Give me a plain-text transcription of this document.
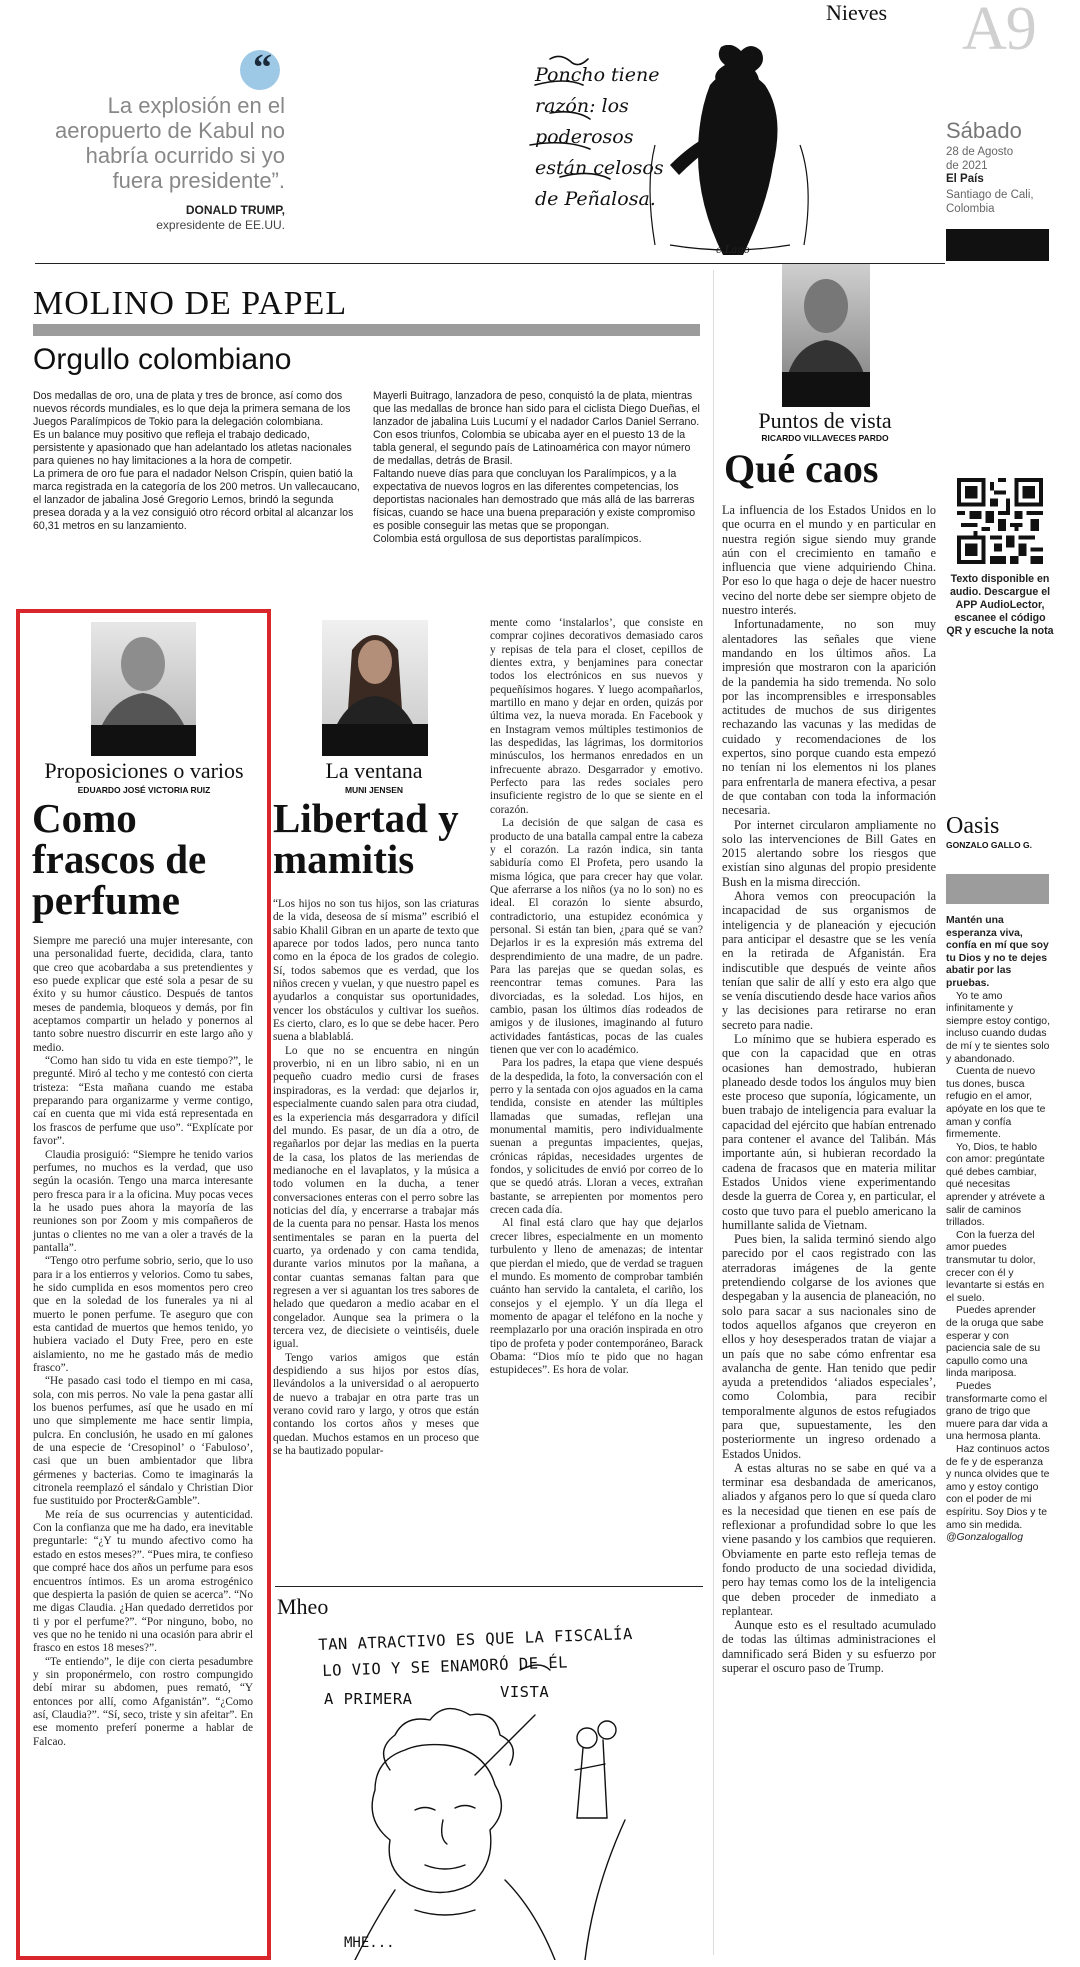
Nieves A9
Sábado
28 de Agosto de 2021
El País
Santiago de Cali, Colombia
“
La explosión en el aeropuerto de Kabul no habría ocurrido si yo fuera presidente”.
DONALD TRUMP,
expresidente de EE.UU.
Poncho tiene razón: los poderosos están celosos de Peñalosa.
c.Lago
MOLINO DE PAPEL
Orgullo colombiano

Dos medallas de oro, una de plata y tres de bronce, así como dos nuevos récords mundiales, es lo que deja la primera semana de los Juegos Paralímpicos de Tokio para la delegación colombiana.

Es un balance muy positivo que refleja el trabajo dedicado, persistente y apasionado que han adelantado los atletas nacionales para quienes no hay limitaciones a la hora de competir.

La primera de oro fue para el nadador Nelson Crispín, quien batió la marca registrada en la categoría de los 200 metros. Un vallecaucano, el lanzador de jabalina José Gregorio Lemos, brindó la segunda presea dorada y a la vez consiguió otro récord orbital al alcanzar los 60,31 metros en su lanzamiento.

Mayerli Buitrago, lanzadora de peso, conquistó la de plata, mientras que las medallas de bronce han sido para el ciclista Diego Dueñas, el lanzador de jabalina Luis Lucumí y el nadador Carlos Daniel Serrano.

Con esos triunfos, Colombia se ubicaba ayer en el puesto 13 de la tabla general, el segundo país de Latinoamérica con mayor número de medallas, detrás de Brasil.

Faltando nueve días para que concluyan los Paralímpicos, y a la expectativa de nuevos logros en las diferentes competencias, los deportistas nacionales han demostrado que más allá de las barreras físicas, cuando se hace una buena preparación y existe compromiso es posible conseguir las metas que se propongan.

Colombia está orgullosa de sus deportistas paralímpicos.

Puntos de vista
RICARDO VILLAVECES PARDO
Qué caos

La influencia de los Estados Unidos en lo que ocurra en el mundo y en particular en nuestra región sigue siendo muy grande aún con el crecimiento en tamaño e influencia que viene adquiriendo China. Por eso lo que haga o deje de hacer nuestro vecino del norte debe ser siempre objeto de nuestro interés.

Infortunadamente, no son muy alentadores las señales que viene mandando en los últimos años. La impresión que mostraron con la aparición de la pandemia ha sido tremenda. No solo por las incomprensibles e irresponsables actitudes de muchos de sus dirigentes rechazando las vacunas y las medidas de cuidado y recomendaciones de los expertos, sino porque cuando esta empezó no tenían ni los elementos ni los planes para enfrentarla de manera efectiva, a pesar de que contaban con toda la información necesaria.

Por internet circularon ampliamente no solo las intervenciones de Bill Gates en 2015 alertando sobre los riesgos que existían sino algunas del propio presidente Bush en la misma dirección.

Ahora vemos con preocupación la incapacidad de sus organismos de inteligencia y de planeación y ejecución para anticipar el desastre que se les venía en la retirada de Afganistán. Era indiscutible que después de veinte años tenían que salir de allí y esto era algo que se venía discutiendo desde hace varios años y las decisiones para retirarse no eran secreto para nadie.

Lo mínimo que se hubiera esperado es que con la capacidad que en otras ocasiones han demostrado, hubieran planeado desde todos los ángulos muy bien este proceso que suponía, lógicamente, un buen trabajo de inteligencia para evaluar la capacidad del ejército que habían entrenado para contener el avance del Talibán. Más importante aún, si hubieran recordado la cadena de fracasos que en materia militar Estados Unidos viene experimentando desde la guerra de Corea y, en particular, el costo que tuvo para el pueblo americano la humillante salida de Vietnam.

Pues bien, la salida terminó siendo algo parecido por el caos registrado con las aterradoras imágenes de la gente pretendiendo colgarse de los aviones que despegaban y la ausencia de planeación, no solo para sacar a sus nacionales sino de todos aquellos afganos que creyeron en ellos y hoy desesperados tratan de viajar a un país que no sabe cómo enfrentar esa avalancha de gente. Han tenido que pedir ayuda a pretendidos ‘aliados especiales’, como Colombia, para recibir temporalmente algunos de estos refugiados para que, supuestamente, les den posteriormente un ingreso ordenado a Estados Unidos.

A estas alturas no se sabe en qué va a terminar esa desbandada de americanos, aliados y afganos pero lo que sí queda claro es la necesidad que tienen en ese país de reflexionar a profundidad sobre lo que les viene pasando y los cambios que requieren. Obviamente en parte esto refleja temas de fondo producto de una sociedad dividida, pero hay temas como los de la inteligencia que deben proceder de inmediato a replantear.

Aunque esto es el resultado acumulado de todas las últimas administraciones el damnificado será Biden y su esfuerzo por superar el oscuro paso de Trump.

Texto disponible en audio. Descargue el APP AudioLector, escanee el código QR y escuche la nota
Oasis
GONZALO GALLO G.
Mantén una esperanza viva, confía en mí que soy tu Dios y no te dejes abatir por las pruebas.
Yo te amo infinitamente y siempre estoy contigo, incluso cuando dudas de mí y te sientes solo y abandonado.
Cuenta de nuevo tus dones, busca refugio en el amor, apóyate en los que te aman y confía firmemente.
Yo, Dios, te hablo con amor: pregúntate qué debes cambiar, qué necesitas aprender y atrévete a salir de caminos trillados.
Con la fuerza del amor puedes transmutar tu dolor, crecer con él y levantarte si estás en el suelo.
Puedes aprender de la oruga que sabe esperar y con paciencia sale de su capullo como una linda mariposa.
Puedes transformarte como el grano de trigo que muere para dar vida a una hermosa planta.
Haz continuos actos de fe y de esperanza y nunca olvides que te amo y estoy contigo con el poder de mi espíritu. Soy Dios y te amo sin medida.
@Gonzalogallog
Proposiciones o varios
EDUARDO JOSÉ VICTORIA RUIZ
Como frascos de perfume

Siempre me pareció una mujer interesante, con una personalidad fuerte, decidida, clara, tanto que creo que acobardaba a sus pretendientes y eso puede explicar que esté sola a pesar de su éxito y su humor cáustico. Después de tantos meses de pandemia, bloqueos y demás, por fin aceptamos compartir un helado y ponernos al tanto sobre nuestro discurrir en este largo año y medio.

“Como han sido tu vida en este tiempo?”, le pregunté. Miró al techo y me contestó con cierta tristeza: “Esta mañana cuando me estaba preparando para organizarme y verme contigo, caí en cuenta que mi vida está representada en los frascos de perfume que uso”. “Explícate por favor”.

Claudia prosiguió: “Siempre he tenido varios perfumes, no muchos es la verdad, que uso según la ocasión. Tengo una marca interesante pero fresca para ir a la oficina. Muy pocas veces la he usado pues ahora la mayoría de las reuniones son por Zoom y mis compañeros de juntas o clientes no me van a oler a través de la pantalla”.

“Tengo otro perfume sobrio, serio, que lo uso para ir a los entierros y velorios. Como tu sabes, he sido cumplida en esos momentos pero creo que en la soledad de los funerales ya ni al muerto le ponen perfume. Te aseguro que con esta cantidad de muertos que hemos tenido, yo hubiera vaciado el Duty Free, pero en este aislamiento, no me he gastado más de medio frasco”.

“He pasado casi todo el tiempo en mi casa, sola, con mis perros. No vale la pena gastar allí los buenos perfumes, así que he usado en mí uno que simplemente me hace sentir limpia, pulcra. En conclusión, he usado en mí galones de una especie de ‘Cresopinol’ o ‘Fabuloso’, casi que un buen ambientador que libra gérmenes y bacterias. Como te imaginarás la citronela reemplazó el sándalo y Christian Dior fue sustituido por Procter&Gamble”.

Me reía de sus ocurrencias y autenticidad. Con la confianza que me ha dado, era inevitable preguntarle: “¿Y tu mundo afectivo como ha estado en estos meses?”. “Pues mira, te confieso que compré hace dos años un perfume para esos encuentros íntimos. Es un aroma estrogénico que despierta la pasión de quien se acerca”. “No me digas Claudia. ¿Han quedado derretidos por ti y por el perfume?”. “Por ninguno, bobo, no ves que no he tenido ni una ocasión para abrir el frasco en estos 18 meses?”.

“Te entiendo”, le dije con cierta pesadumbre y sin proponérmelo, con rostro compungido debí mirar su abdomen, pues remató, “Y entonces por allí, como Afganistán”. “¿Como así, Claudia?”. “Sí, seco, triste y sin afeitar”. En ese momento preferí ponerme a hablar de Falcao.

La ventana
MUNI JENSEN
Libertad y mamitis

“Los hijos no son tus hijos, son las criaturas de la vida, deseosa de sí misma” escribió el sabio Khalil Gibran en un aparte de texto que aparece por todos lados, pero nunca tanto como en la época de los grados de colegio. Sí, todos sabemos que es verdad, que los niños crecen y vuelan, y que nuestro papel es ayudarlos a conquistar sus oportunidades, vencer los obstáculos y cultivar los sueños. Es cierto, claro, es lo que se debe hacer. Pero suena a blablablá.

Lo que no se encuentra en ningún proverbio, ni en un libro sabio, ni en un pequeño cuadro medio cursi de frases inspiradoras, es la verdad: que dejarlos ir, especialmente cuando salen para otra ciudad, es la experiencia más desgarradora y difícil del mundo. Es pasar, de un día a otro, de regañarlos por dejar las medias en la puerta de la casa, los platos de las meriendas de medianoche en el lavaplatos, y la música a todo volumen en la ducha, a tener conversaciones enteras con el perro sobre las noticias del día, y encerrarse a trabajar más de la cuenta para no pensar. Hasta los menos sentimentales se paran en la puerta del cuarto, ya ordenado y con cama tendida, durante varios minutos por la mañana, a contar cuantas semanas faltan para que regresen a ver si aguantan los tres sabores de helado que quedaron a medio acabar en el congelador. Aunque sea la primera o la tercera vez, de diecisiete o veintiséis, duele igual.

Tengo varios amigos que están despidiendo a sus hijos por estos días, llevándolos a la universidad o al aeropuerto de nuevo a trabajar en otra parte tras un verano covid raro y largo, y otros que están contando los cortos años y meses que quedan. Muchos estamos en un proceso que se ha bautizado popular-

mente como ‘instalarlos’, que consiste en comprar cojines decorativos demasiado caros y repisas de tela para el closet, cepillos de dientes extra, y benjamines para conectar todos los electrónicos en sus nuevos y pequeñísimos hogares. Y luego acompañarlos, martillo en mano y dejar en orden, quizás por última vez, la nueva morada. En Facebook y en Instagram vemos múltiples testimonios de las despedidas, las lágrimas, los dormitorios minúsculos, los hermanos enredados en un infrecuente abrazo. Desgarrador y emotivo. Perfecto para las redes sociales pero insuficiente registro de lo que se siente en el corazón.

La decisión de que salgan de casa es producto de una batalla campal entre la cabeza y el corazón. La razón indica, sin tanta sabiduría como El Profeta, pero usando la misma lógica, que para crecer hay que volar. Que aferrarse a los niños (ya no lo son) no es ideal. El corazón lo siente absurdo, contradictorio, una estupidez económica y personal. Si están tan bien, ¿para qué se van? Dejarlos ir es la expresión más extrema del desprendimiento de una madre, de un padre. Para las parejas que se quedan solas, es reencontrar temas comunes. Para las divorciadas, es la soledad. Los hijos, en cambio, pasan los últimos días rodeados de amigos y de ilusiones, imaginando al futuro actividades fantásticas, pocas de las cuales tienen que ver con lo académico.

Para los padres, la etapa que viene después de la despedida, la foto, la conversación con el perro y la sentada con ojos aguados en la cama tendida, consiste en atender las múltiples llamadas que sumadas, reflejan una monumental mamitis, pero individualmente suenan a preguntas impacientes, quejas, crónicas rápidas, necesidades urgentes de fondos, y solicitudes de envió por correo de lo que se quedó atrás. Lloran a veces, extrañan bastante, se arrepienten por momentos pero crecen cada día.

Al final está claro que hay que dejarlos crecer libres, especialmente en un momento turbulento y lleno de amenazas; de intentar que pierdan el miedo, que de verdad se traguen el mundo. Es momento de comprobar también cuánto han servido la cantaleta, el cariño, los consejos y el ejemplo. Y un día llega el momento de apagar el teléfono en la noche y reemplazarlo por una oración inspirada en otro tipo de profeta y poder contemporáneo, Barack Obama: “Dios mío te pido que no hagan estupideces”. Es hora de volar.

Mheo
TAN ATRACTIVO ES QUE LA FISCALÍA
LO VIO Y SE ENAMORÓ DE ÉL
A PRIMERA	VISTA
MHE...
